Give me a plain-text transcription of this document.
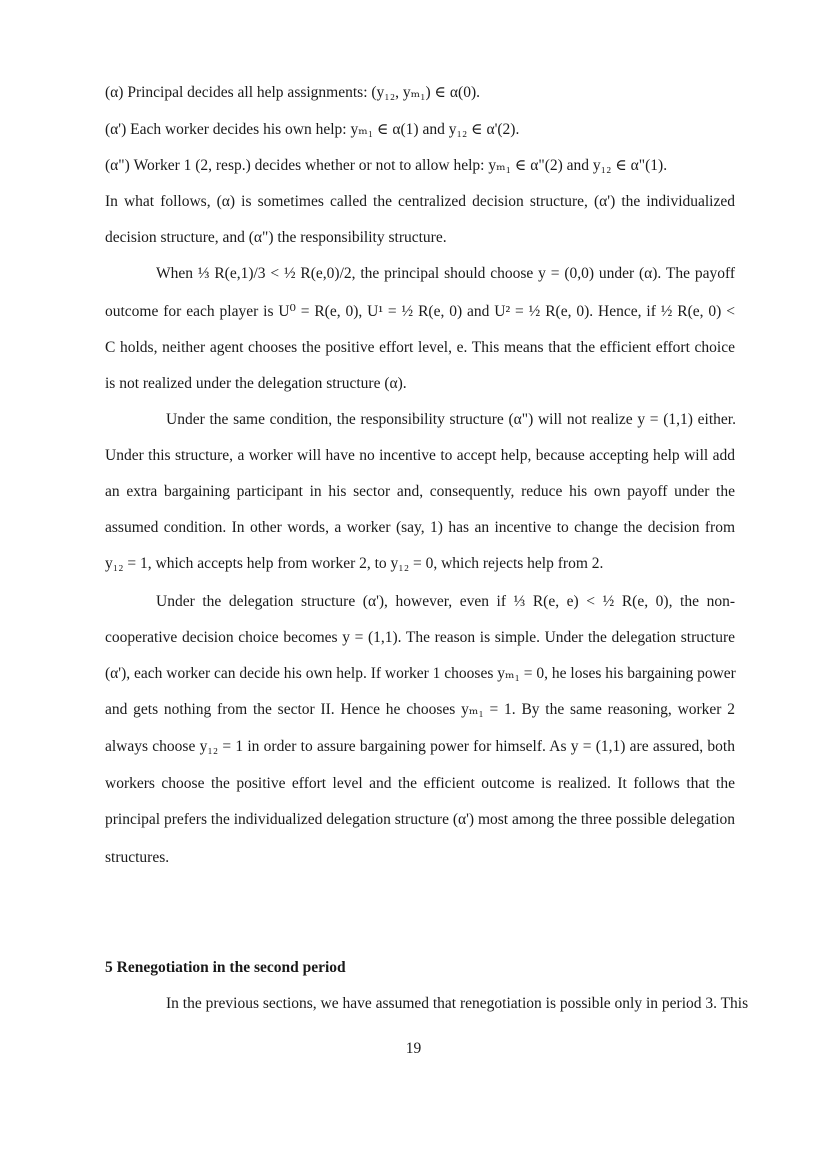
(α) Principal decides all help assignments: (y₁₂, yₘ₁) ∈ α(0).

(α') Each worker decides his own help: yₘ₁ ∈ α(1) and y₁₂ ∈ α'(2).

(α") Worker 1 (2, resp.) decides whether or not to allow help: yₘ₁ ∈ α"(2) and y₁₂ ∈ α"(1).

In what follows, (α) is sometimes called the centralized decision structure, (α') the individualized

decision structure, and (α") the responsibility structure.

When ⅓ R(e,1)/3 < ½ R(e,0)/2, the principal should choose y = (0,0) under (α). The payoff

outcome for each player is U⁰ = R(e, 0), U¹ = ½ R(e, 0) and U² = ½ R(e, 0). Hence, if ½ R(e, 0) <

C holds, neither agent chooses the positive effort level, e. This means that the efficient effort choice

is not realized under the delegation structure (α).

Under the same condition, the responsibility structure (α") will not realize y = (1,1) either.

Under this structure, a worker will have no incentive to accept help, because accepting help will add

an extra bargaining participant in his sector and, consequently, reduce his own payoff under the

assumed condition. In other words, a worker (say, 1) has an incentive to change the decision from

y₁₂ = 1, which accepts help from worker 2, to y₁₂ = 0, which rejects help from 2.

Under the delegation structure (α'), however, even if ⅓ R(e, e) < ½ R(e, 0), the non-

cooperative decision choice becomes y = (1,1). The reason is simple. Under the delegation structure

(α'), each worker can decide his own help. If worker 1 chooses yₘ₁ = 0, he loses his bargaining power

and gets nothing from the sector II. Hence he chooses yₘ₁ = 1. By the same reasoning, worker 2

always choose y₁₂ = 1 in order to assure bargaining power for himself. As y = (1,1) are assured, both

workers choose the positive effort level and the efficient outcome is realized. It follows that the

principal prefers the individualized delegation structure (α') most among the three possible delegation

structures.

5 Renegotiation in the second period

In the previous sections, we have assumed that renegotiation is possible only in period 3. This

19
